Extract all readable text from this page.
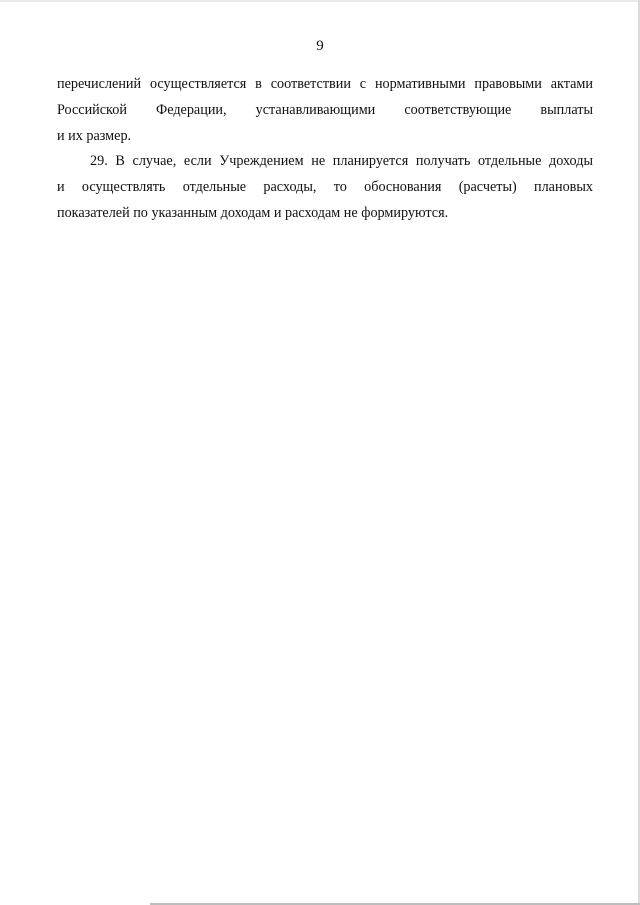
9
перечислений осуществляется в соответствии с нормативными правовыми актами
Российской Федерации, устанавливающими соответствующие выплаты
и их размер.
29. В случае, если Учреждением не планируется получать отдельные доходы
и осуществлять отдельные расходы, то обоснования (расчеты) плановых
показателей по указанным доходам и расходам не формируются.
